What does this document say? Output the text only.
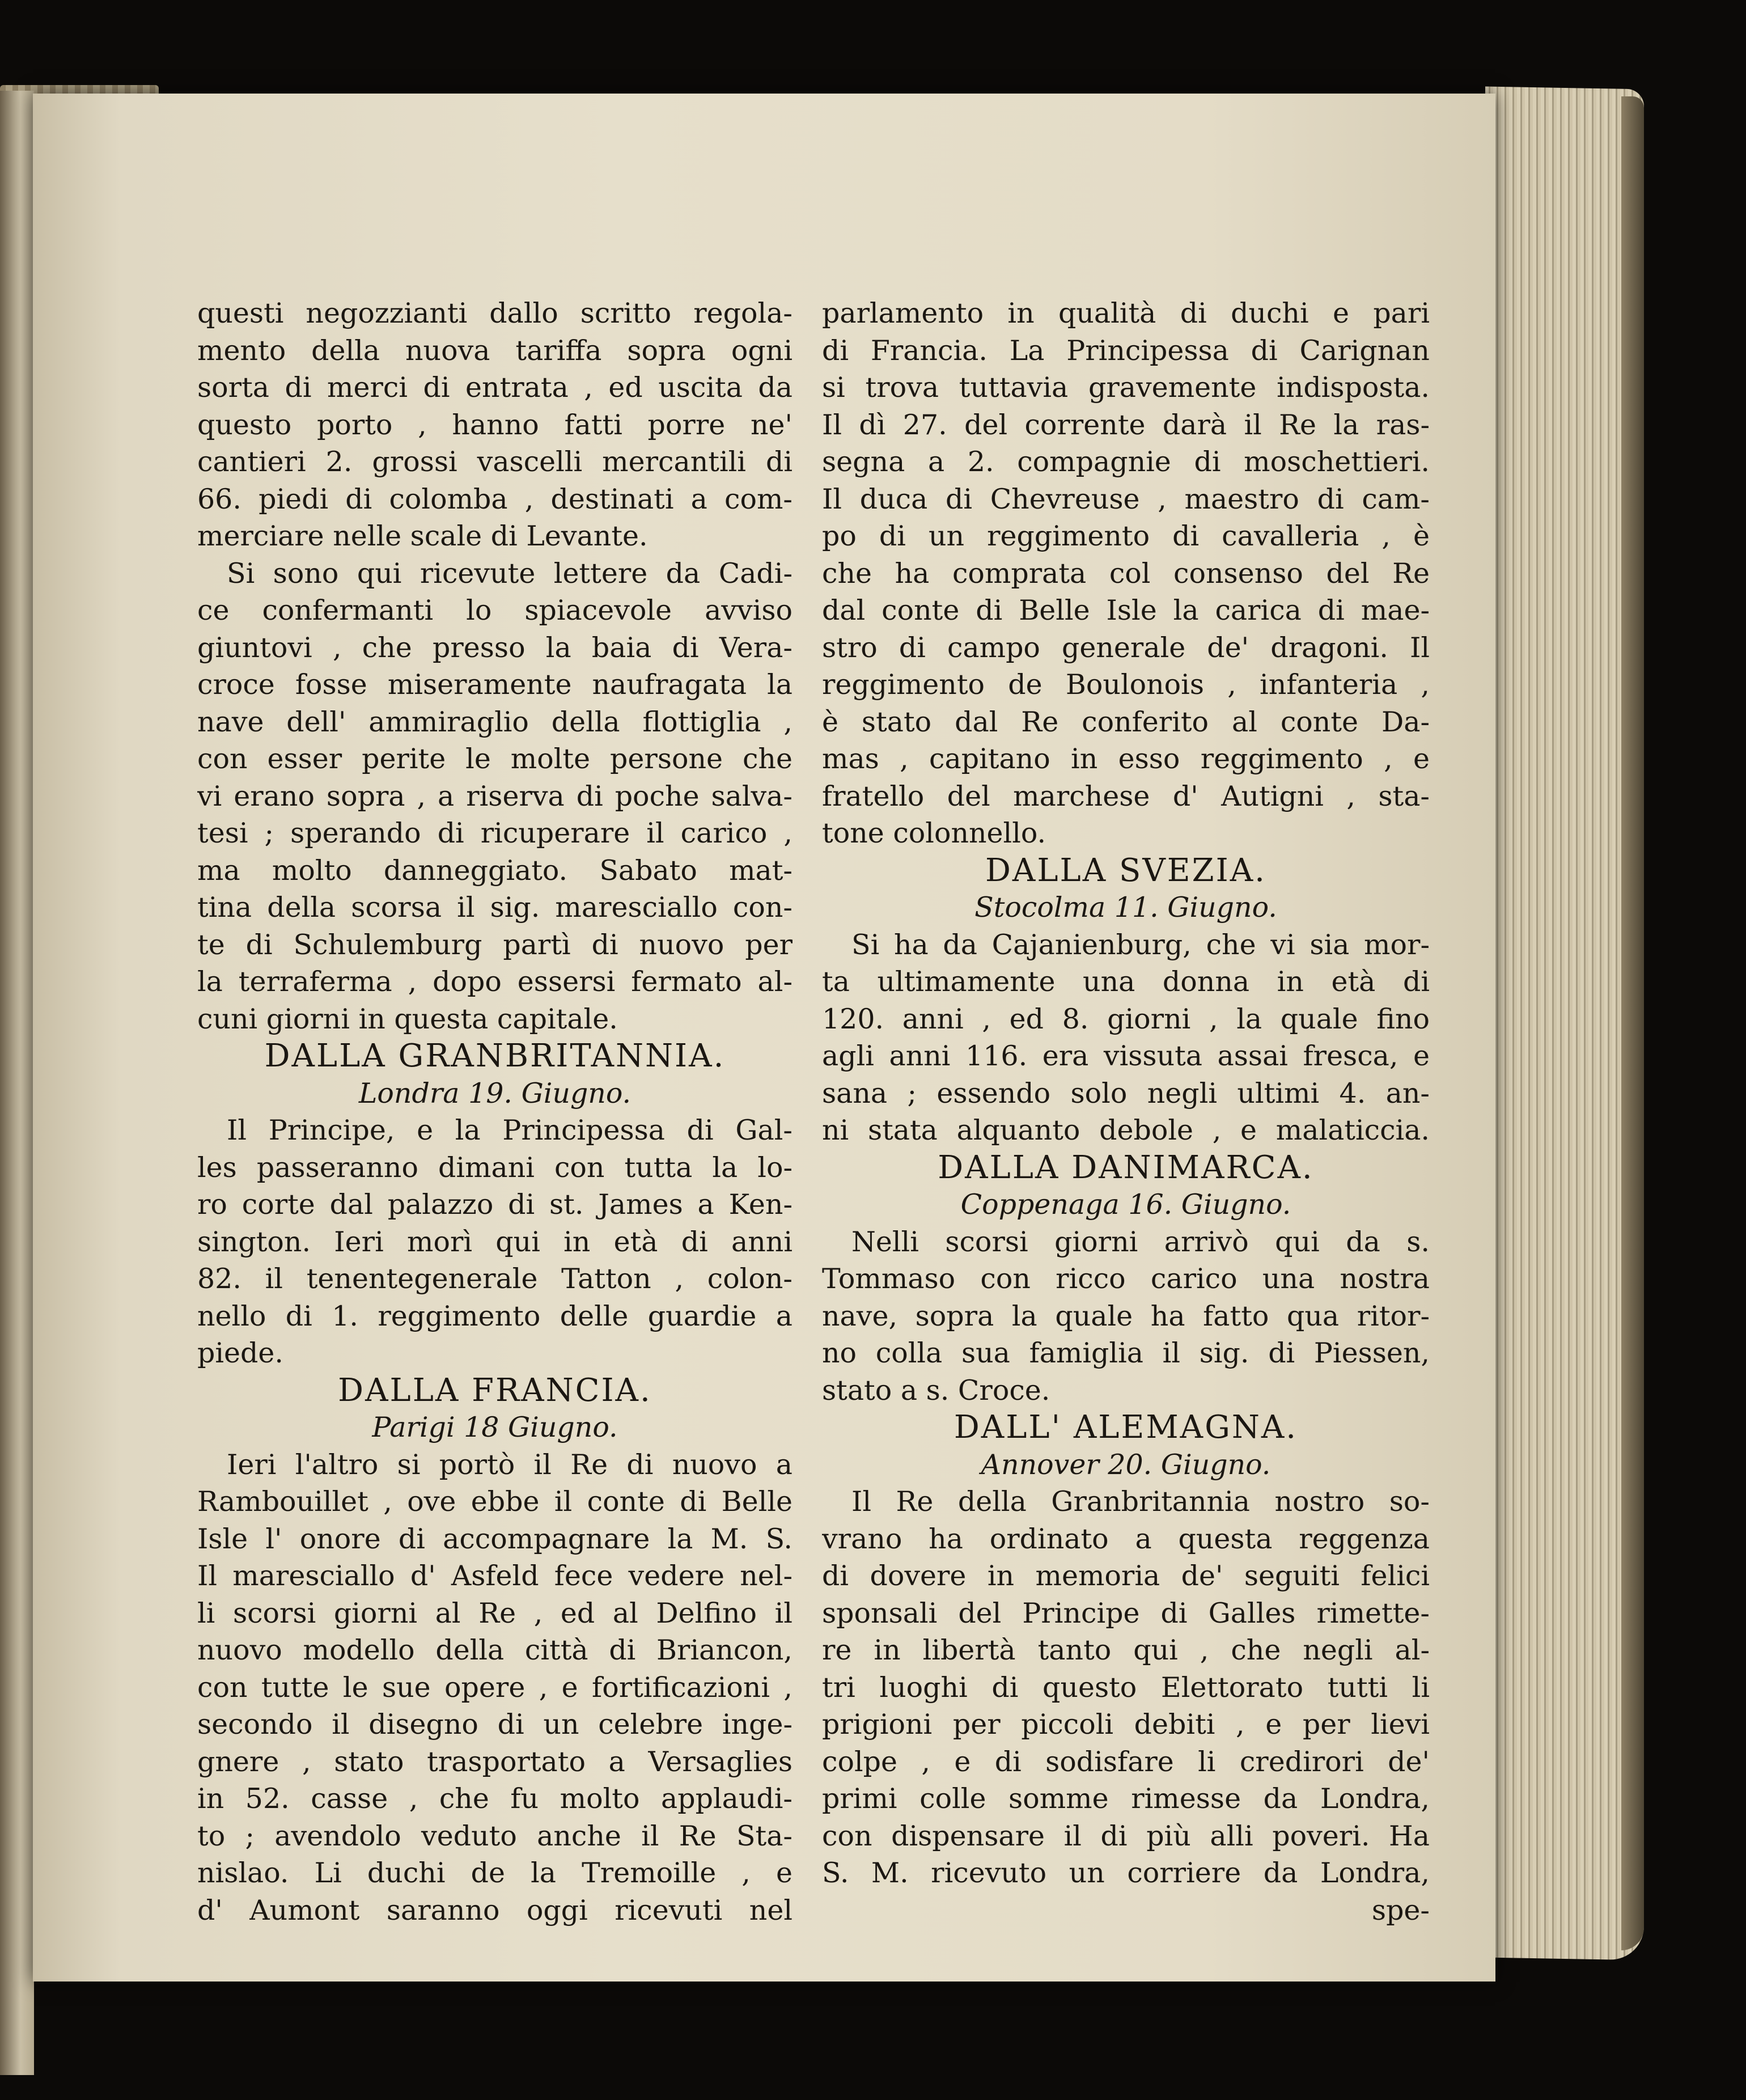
questi negozzianti dallo scritto regola-
mento della nuova tariffa sopra ogni
sorta di merci di entrata , ed uscita da
questo porto , hanno fatti porre ne'
cantieri 2. grossi vascelli mercantili di
66. piedi di colomba , destinati a com-
merciare nelle scale di Levante.
Si sono qui ricevute lettere da Cadi-
ce confermanti lo spiacevole avviso
giuntovi , che presso la baia di Vera-
croce fosse miseramente naufragata la
nave dell' ammiraglio della flottiglia ,
con esser perite le molte persone che
vi erano sopra , a riserva di poche salva-
tesi ; sperando di ricuperare il carico ,
ma molto danneggiato. Sabato mat-
tina della scorsa il sig. maresciallo con-
te di Schulemburg partì di nuovo per
la terraferma , dopo essersi fermato al-
cuni giorni in questa capitale.
DALLA GRANBRITANNIA.
Londra 19. Giugno.
Il Principe, e la Principessa di Gal-
les passeranno dimani con tutta la lo-
ro corte dal palazzo di st. James a Ken-
sington. Ieri morì qui in età di anni
82. il tenentegenerale Tatton , colon-
nello di 1. reggimento delle guardie a
piede.
DALLA FRANCIA.
Parigi 18 Giugno.
Ieri l'altro si portò il Re di nuovo a
Rambouillet , ove ebbe il conte di Belle
Isle l' onore di accompagnare la M. S.
Il maresciallo d' Asfeld fece vedere nel-
li scorsi giorni al Re , ed al Delfino il
nuovo modello della città di Briancon,
con tutte le sue opere , e fortificazioni ,
secondo il disegno di un celebre inge-
gnere , stato trasportato a Versaglies
in 52. casse , che fu molto applaudi-
to ; avendolo veduto anche il Re Sta-
nislao. Li duchi de la Tremoille , e
d' Aumont saranno oggi ricevuti nel
parlamento in qualità di duchi e pari
di Francia. La Principessa di Carignan
si trova tuttavia gravemente indisposta.
Il dì 27. del corrente darà il Re la ras-
segna a 2. compagnie di moschettieri.
Il duca di Chevreuse , maestro di cam-
po di un reggimento di cavalleria , è
che ha comprata col consenso del Re
dal conte di Belle Isle la carica di mae-
stro di campo generale de' dragoni. Il
reggimento de Boulonois , infanteria ,
è stato dal Re conferito al conte Da-
mas , capitano in esso reggimento , e
fratello del marchese d' Autigni , sta-
tone colonnello.
DALLA SVEZIA.
Stocolma 11. Giugno.
Si ha da Cajanienburg, che vi sia mor-
ta ultimamente una donna in età di
120. anni , ed 8. giorni , la quale fino
agli anni 116. era vissuta assai fresca, e
sana ; essendo solo negli ultimi 4. an-
ni stata alquanto debole , e malaticcia.
DALLA DANIMARCA.
Coppenaga 16. Giugno.
Nelli scorsi giorni arrivò qui da s.
Tommaso con ricco carico una nostra
nave, sopra la quale ha fatto qua ritor-
no colla sua famiglia il sig. di Piessen,
stato a s. Croce.
DALL' ALEMAGNA.
Annover 20. Giugno.
Il Re della Granbritannia nostro so-
vrano ha ordinato a questa reggenza
di dovere in memoria de' seguiti felici
sponsali del Principe di Galles rimette-
re in libertà tanto qui , che negli al-
tri luoghi di questo Elettorato tutti li
prigioni per piccoli debiti , e per lievi
colpe , e di sodisfare li credirori de'
primi colle somme rimesse da Londra,
con dispensare il di più alli poveri. Ha
S. M. ricevuto un corriere da Londra,
spe-
